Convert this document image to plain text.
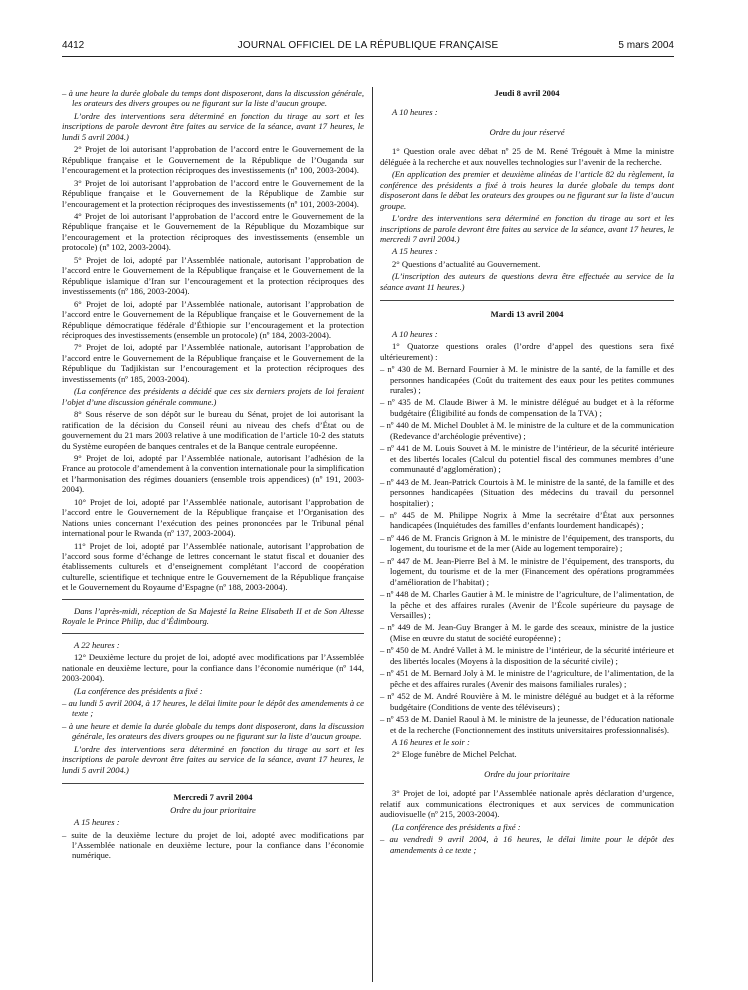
4412	JOURNAL OFFICIEL DE LA RÉPUBLIQUE FRANÇAISE	5 mars 2004

– à une heure la durée globale du temps dont disposeront, dans la discussion générale, les orateurs des divers groupes ou ne figurant sur la liste d’aucun groupe.

L’ordre des interventions sera déterminé en fonction du tirage au sort et les inscriptions de parole devront être faites au service de la séance, avant 17 heures, le lundi 5 avril 2004.)

2° Projet de loi autorisant l’approbation de l’accord entre le Gouvernement de la République française et le Gouvernement de la République de l’Ouganda sur l’encouragement et la protection réciproques des investissements (nº 100, 2003-2004).

3° Projet de loi autorisant l’approbation de l’accord entre le Gouvernement de la République française et le Gouvernement de la République de Zambie sur l’encouragement et la protection réciproques des investissements (nº 101, 2003-2004).

4° Projet de loi autorisant l’approbation de l’accord entre le Gouvernement de la République française et le Gouvernement de la République du Mozambique sur l’encouragement et la protection réciproques des investissements (ensemble un protocole) (nº 102, 2003-2004).

5° Projet de loi, adopté par l’Assemblée nationale, autorisant l’approbation de l’accord entre le Gouvernement de la République française et le Gouvernement de la République islamique d’Iran sur l’encouragement et la protection réciproques des investissements (nº 186, 2003-2004).

6° Projet de loi, adopté par l’Assemblée nationale, autorisant l’approbation de l’accord entre le Gouvernement de la République française et le Gouvernement de la République démocratique fédérale d’Éthiopie sur l’encouragement et la protection réciproques des investissements (ensemble un protocole) (nº 184, 2003-2004).

7° Projet de loi, adopté par l’Assemblée nationale, autorisant l’approbation de l’accord entre le Gouvernement de la République française et le Gouvernement de la République du Tadjikistan sur l’encouragement et la protection réciproques des investissements (nº 185, 2003-2004).

(La conférence des présidents a décidé que ces six derniers projets de loi feraient l’objet d’une discussion générale commune.)

8° Sous réserve de son dépôt sur le bureau du Sénat, projet de loi autorisant la ratification de la décision du Conseil réuni au niveau des chefs d’État ou de gouvernement du 21 mars 2003 relative à une modification de l’article 10-2 des statuts du Système européen de banques centrales et de la Banque centrale européenne.

9° Projet de loi, adopté par l’Assemblée nationale, autorisant l’adhésion de la France au protocole d’amendement à la convention internationale pour la simplification et l’harmonisation des régimes douaniers (ensemble trois appendices) (nº 191, 2003-2004).

10° Projet de loi, adopté par l’Assemblée nationale, autorisant l’approbation de l’accord entre le Gouvernement de la République française et l’Organisation des Nations unies concernant l’exécution des peines prononcées par le Tribunal pénal international pour le Rwanda (nº 137, 2003-2004).

11° Projet de loi, adopté par l’Assemblée nationale, autorisant l’approbation de l’accord sous forme d’échange de lettres concernant le statut fiscal et douanier des établissements culturels et d’enseignement complétant l’accord de coopération culturelle, scientifique et technique entre le Gouvernement de la République française et le Gouvernement du Royaume d’Espagne (nº 188, 2003-2004).

Dans l’après-midi, réception de Sa Majesté la Reine Elisabeth II et de Son Altesse Royale le Prince Philip, duc d’Édimbourg.

A 22 heures :

12° Deuxième lecture du projet de loi, adopté avec modifications par l’Assemblée nationale en deuxième lecture, pour la confiance dans l’économie numérique (nº 144, 2003-2004).

(La conférence des présidents a fixé :

– au lundi 5 avril 2004, à 17 heures, le délai limite pour le dépôt des amendements à ce texte ;

– à une heure et demie la durée globale du temps dont disposeront, dans la discussion générale, les orateurs des divers groupes ou ne figurant sur la liste d’aucun groupe.

L’ordre des interventions sera déterminé en fonction du tirage au sort et les inscriptions de parole devront être faites au service de la séance, avant 17 heures, le lundi 5 avril 2004.)

Mercredi 7 avril 2004

Ordre du jour prioritaire

A 15 heures :

– suite de la deuxième lecture du projet de loi, adopté avec modifications par l’Assemblée nationale en deuxième lecture, pour la confiance dans l’économie numérique.

Jeudi 8 avril 2004

A 10 heures :

Ordre du jour réservé

1° Question orale avec débat nº 25 de M. René Trégouët à Mme la ministre déléguée à la recherche et aux nouvelles technologies sur l’avenir de la recherche.

(En application des premier et deuxième alinéas de l’article 82 du règlement, la conférence des présidents a fixé à trois heures la durée globale du temps dont disposeront dans le débat les orateurs des groupes ou ne figurant sur la liste d’aucun groupe.

L’ordre des interventions sera déterminé en fonction du tirage au sort et les inscriptions de parole devront être faites au service de la séance, avant 17 heures, le mercredi 7 avril 2004.)

A 15 heures :

2° Questions d’actualité au Gouvernement.

(L’inscription des auteurs de questions devra être effectuée au service de la séance avant 11 heures.)

Mardi 13 avril 2004

A 10 heures :

1° Quatorze questions orales (l’ordre d’appel des questions sera fixé ultérieurement) :

– nº 430 de M. Bernard Fournier à M. le ministre de la santé, de la famille et des personnes handicapées (Coût du traitement des eaux pour les petites communes rurales) ;

– nº 435 de M. Claude Biwer à M. le ministre délégué au budget et à la réforme budgétaire (Éligibilité au fonds de compensation de la TVA) ;

– nº 440 de M. Michel Doublet à M. le ministre de la culture et de la communication (Redevance d’archéologie préventive) ;

– nº 441 de M. Louis Souvet à M. le ministre de l’intérieur, de la sécurité intérieure et des libertés locales (Calcul du potentiel fiscal des communes membres d’une communauté d’agglomération) ;

– nº 443 de M. Jean-Patrick Courtois à M. le ministre de la santé, de la famille et des personnes handicapées (Situation des médecins du travail du personnel hospitalier) ;

– nº 445 de M. Philippe Nogrix à Mme la secrétaire d’État aux personnes handicapées (Inquiétudes des familles d’enfants lourdement handicapés) ;

– nº 446 de M. Francis Grignon à M. le ministre de l’équipement, des transports, du logement, du tourisme et de la mer (Aide au logement temporaire) ;

– nº 447 de M. Jean-Pierre Bel à M. le ministre de l’équipement, des transports, du logement, du tourisme et de la mer (Financement des opérations programmées d’amélioration de l’habitat) ;

– nº 448 de M. Charles Gautier à M. le ministre de l’agriculture, de l’alimentation, de la pêche et des affaires rurales (Avenir de l’École supérieure du paysage de Versailles) ;

– nº 449 de M. Jean-Guy Branger à M. le garde des sceaux, ministre de la justice (Mise en œuvre du statut de société européenne) ;

– nº 450 de M. André Vallet à M. le ministre de l’intérieur, de la sécurité intérieure et des libertés locales (Moyens à la disposition de la sécurité civile) ;

– nº 451 de M. Bernard Joly à M. le ministre de l’agriculture, de l’alimentation, de la pêche et des affaires rurales (Avenir des maisons familiales rurales) ;

– nº 452 de M. André Rouvière à M. le ministre délégué au budget et à la réforme budgétaire (Conditions de vente des téléviseurs) ;

– nº 453 de M. Daniel Raoul à M. le ministre de la jeunesse, de l’éducation nationale et de la recherche (Fonctionnement des instituts universitaires professionnalisés).

A 16 heures et le soir :

2° Eloge funèbre de Michel Pelchat.

Ordre du jour prioritaire

3° Projet de loi, adopté par l’Assemblée nationale après déclaration d’urgence, relatif aux communications électroniques et aux services de communication audiovisuelle (nº 215, 2003-2004).

(La conférence des présidents a fixé :

– au vendredi 9 avril 2004, à 16 heures, le délai limite pour le dépôt des amendements à ce texte ;
